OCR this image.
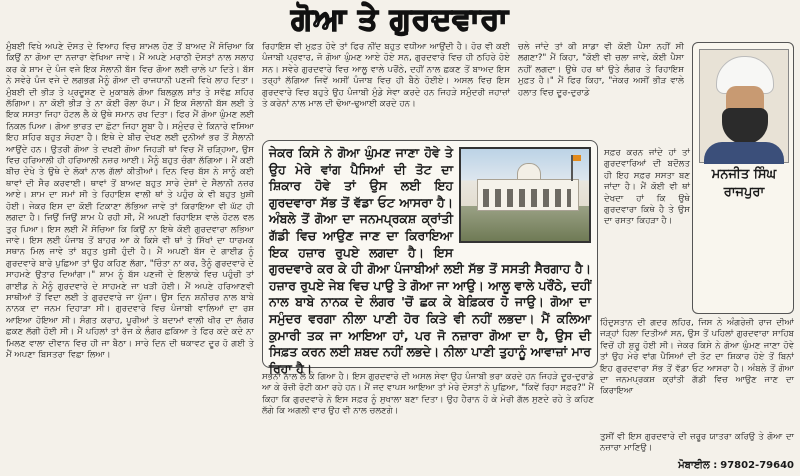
ਗੋਆ ਤੇ ਗੁਰਦਵਾਰਾ

ਮੁੰਬਈ ਵਿਖੇ ਅਪਣੇ ਦੋਸਤ ਦੇ ਵਿਆਹ ਵਿਚ ਸ਼ਾਮਲ ਹੋਣ ਤੋਂ ਬਾਅਦ ਮੈਂ ਸੋਚਿਆ ਕਿ ਕਿਉਂ ਨਾ ਗੋਆ ਦਾ ਨਜ਼ਾਰਾ ਵੇਖਿਆ ਜਾਵੇ। ਮੈਂ ਅਪਣੇ ਮਰਾਠੀ ਦੋਸਤਾਂ ਨਾਲ ਸਲਾਹ ਕਰ ਕੇ ਸ਼ਾਮ ਦੇ ਪੰਜ ਵਜੇ ਇਕ ਸੋਲਾਨੀ ਬੱਸ ਵਿਚ ਗੋਆ ਲਈ ਚਾਲੇ ਪਾ ਦਿਤੇ। ਬੱਸ ਨੇ ਸਵੇਰੇ ਪੰਜ ਵਜੇ ਦੇ ਲਗਭਗ ਮੈਨੂੰ ਗੋਆ ਦੀ ਰਾਜਧਾਨੀ ਪਣਜੀ ਵਿਖੇ ਲਾਹ ਦਿਤਾ। ਮੁੰਬਈ ਦੀ ਭੀੜ ਤੇ ਪ੍ਰਦੂਸ਼ਣ ਦੇ ਮੁਕਾਬਲੇ ਗੋਆ ਬਿਲਕੁਲ ਸ਼ਾਂਤ ਤੇ ਸਵੱਛ ਸ਼ਹਿਰ ਲੱਗਿਆ। ਨਾ ਕੋਈ ਭੀੜ ਤੇ ਨਾ ਕੋਈ ਰੌਲਾ ਰੱਪਾ। ਮੈਂ ਇਕ ਸੋਲਾਨੀ ਬੱਸ ਲਈ ਤੇ ਇਕ ਸਸਤਾ ਜਿਹਾ ਹੋਟਲ ਲੈ ਕੇ ਉਥੇ ਸਮਾਨ ਰਖ ਦਿਤਾ। ਫਿਰ ਮੈਂ ਗੋਆ ਘੁੰਮਣ ਲਈ ਨਿਕਲ ਪਿਆ। ਗੋਆ ਭਾਰਤ ਦਾ ਛੋਟਾ ਜਿਹਾ ਸੂਬਾ ਹੈ। ਸਮੁੰਦਰ ਦੇ ਕਿਨਾਰੇ ਵਸਿਆ ਇਹ ਸ਼ਹਿਰ ਬਹੁਤ ਸੋਹਣਾ ਹੈ। ਇਥੇ ਦੇ ਬੀਚ ਦੇਖਣ ਲਈ ਦੁਨੀਆਂ ਭਰ ਤੋਂ ਸੈਲਾਨੀ ਆਉਂਦੇ ਹਨ। ਉਤਰੀ ਗੋਆ ਤੇ ਦਖਣੀ ਗੋਆ ਜਿਹੜੀ ਥਾਂ ਵਿਚ ਮੈਂ ਚੜ੍ਹਿਆ, ਉਸ ਵਿਚ ਹਰਿਆਲੀ ਹੀ ਹਰਿਆਲੀ ਨਜ਼ਰ ਆਈ। ਮੈਨੂੰ ਬਹੁਤ ਚੰਗਾ ਲੱਗਿਆ। ਮੈਂ ਕਈ ਬੀਚ ਦੇਖੇ ਤੇ ਉਥੇ ਦੇ ਲੋਕਾਂ ਨਾਲ ਗੱਲਾਂ ਕੀਤੀਆਂ। ਦਿਨ ਵਿਚ ਬੱਸ ਨੇ ਸਾਨੂੰ ਕਈ ਥਾਵਾਂ ਦੀ ਸੈਰ ਕਰਵਾਈ। ਥਾਵਾਂ ਤੋਂ ਬਾਅਦ ਬਹੁਤ ਸਾਰੇ ਦੇਸ਼ਾਂ ਦੇ ਸੈਲਾਨੀ ਨਜ਼ਰ ਆਏ। ਸ਼ਾਮ ਦਾ ਸਮਾਂ ਸੀ ਤੇ ਰਿਹਾਇਸ਼ ਵਾਲੀ ਥਾਂ ਤੇ ਪਹੁੰਚ ਕੇ ਵੀ ਬਹੁਤ ਖ਼ੁਸ਼ੀ ਹੋਈ। ਜੇਕਰ ਇਸ ਦਾ ਕੋਈ ਟਿਕਾਣਾ ਲੱਭਿਆ ਜਾਵੇ ਤਾਂ ਕਿਰਾਇਆ ਵੀ ਘੱਟ ਹੀ ਲਗਦਾ ਹੈ। ਜਿਉਂ ਜਿਉਂ ਸ਼ਾਮ ਪੈ ਰਹੀ ਸੀ, ਮੈਂ ਅਪਣੀ ਰਿਹਾਇਸ਼ ਵਾਲੇ ਹੋਟਲ ਵਲ ਤੁਰ ਪਿਆ। ਇਸ ਲਈ ਮੈਂ ਸੋਚਿਆ ਕਿ ਕਿਉਂ ਨਾ ਇਥੇ ਕੋਈ ਗੁਰਦਵਾਰਾ ਲਭਿਆ ਜਾਵੇ। ਇਸ ਲਈ ਪੰਜਾਬ ਤੋਂ ਬਾਹਰ ਆ ਕੇ ਕਿਸੇ ਵੀ ਥਾਂ ਤੇ ਸਿੱਖਾਂ ਦਾ ਧਾਰਮਕ ਸਥਾਨ ਮਿਲ ਜਾਵੇ ਤਾਂ ਬਹੁਤ ਖ਼ੁਸ਼ੀ ਹੁੰਦੀ ਹੈ। ਮੈਂ ਅਪਣੀ ਬੱਸ ਦੇ ਗਾਈਡ ਨੂੰ ਗੁਰਦਵਾਰੇ ਬਾਰੇ ਪੁਛਿਆ ਤਾਂ ਉਹ ਕਹਿਣ ਲੱਗਾ, "ਚਿੰਤਾ ਨਾ ਕਰ, ਤੈਨੂੰ ਗੁਰਦਵਾਰੇ ਦੇ ਸਾਹਮਣੇ ਉਤਾਰ ਦਿਆਂਗਾ।" ਸ਼ਾਮ ਨੂੰ ਬੱਸ ਪਣਜੀ ਦੇ ਇਲਾਕੇ ਵਿਚ ਪਹੁੰਚੀ ਤਾਂ ਗਾਈਡ ਨੇ ਮੈਨੂੰ ਗੁਰਦਵਾਰੇ ਦੇ ਸਾਹਮਣੇ ਜਾ ਖੜੀ ਹੋਈ। ਮੈਂ ਅਪਣੇ ਹਰਿਆਣਵੀ ਸਾਥੀਆਂ ਤੋਂ ਵਿਦਾ ਲਈ ਤੇ ਗੁਰਦਵਾਰੇ ਜਾ ਪੁੱਜਾ। ਉਸ ਦਿਨ ਸ਼ਨੀਚਰ ਨਾਲ ਬਾਬੇ ਨਾਨਕ ਦਾ ਜਨਮ ਦਿਹਾੜਾ ਸੀ। ਗੁਰਦਵਾਰੇ ਵਿਚ ਪੰਜਾਬੀ ਵਾਲਿਆਂ ਦਾ ਰਸ਼ ਆਇਆ ਹੋਇਆ ਸੀ। ਸੰਗਤ ਕਰਾਹ, ਪੂਰੀਆਂ ਤੇ ਬਦਾਮਾਂ ਵਾਲੀ ਖੀਰ ਦਾ ਲੰਗਰ ਛਕਣ ਲੱਗੀ ਹੋਈ ਸੀ। ਮੈਂ ਪਹਿਲਾਂ ਤਾਂ ਰੱਜ ਕੇ ਲੰਗਰ ਛਕਿਆ ਤੇ ਫਿਰ ਕਦੇ ਕਦੇ ਨਾ ਮਿਲਣ ਵਾਲਾ ਦੀਵਾਨ ਵਿਚ ਹੀ ਜਾ ਬੈਠਾ। ਸਾਰੇ ਦਿਨ ਦੀ ਥਕਾਵਟ ਦੂਰ ਹੋ ਗਈ ਤੇ ਮੈਂ ਅਪਣਾ ਬਿਸਤਰਾ ਵਿਛਾ ਲਿਆ।

ਰਿਹਾਇਸ਼ ਵੀ ਮੁਫ਼ਤ ਹੋਵੇ ਤਾਂ ਫਿਰ ਨੀਂਦ ਬਹੁਤ ਵਧੀਆ ਆਉਂਦੀ ਹੈ। ਹੋਰ ਵੀ ਕਈ ਪੰਜਾਬੀ ਪ੍ਰਵਾਰ, ਜੋ ਗੋਆ ਘੁੰਮਣ ਆਏ ਹੋਏ ਸਨ, ਗੁਰਦਵਾਰੇ ਵਿਚ ਹੀ ਠਹਿਰੇ ਹੋਏ ਸਨ। ਸਵੇਰੇ ਗੁਰਦਵਾਰੇ ਵਿਚ ਆਲੂ ਵਾਲੇ ਪਰੌਂਠੇ, ਦਹੀਂ ਨਾਲ ਛਕਣ ਤੋਂ ਬਾਅਦ ਇਸ ਤਰ੍ਹਾਂ ਲੱਗਿਆ ਜਿਵੇਂ ਅਸੀਂ ਪੰਜਾਬ ਵਿਚ ਹੀ ਬੈਠੇ ਹੋਈਏ। ਅਸਲ ਵਿਚ ਇਸ ਗੁਰਦਵਾਰੇ ਵਿਚ ਬਹੁਤੇ ਉਹ ਪੰਜਾਬੀ ਮੁੰਡੇ ਸੇਵਾ ਕਰਦੇ ਹਨ ਜਿਹੜੇ ਸਮੁੰਦਰੀ ਜਹਾਜ਼ਾਂ ਤੇ ਕਰੇਨਾਂ ਨਾਲ ਮਾਲ ਦੀ ਢੋਆ-ਢੁਆਈ ਕਰਦੇ ਹਨ।

ਚਲੇ ਜਾਂਦੇ ਤਾਂ ਕੀ ਸਾਡਾ ਵੀ ਕੋਈ ਪੈਸਾ ਨਹੀਂ ਸੀ ਲਗਣਾ?" ਮੈਂ ਕਿਹਾ, "ਕੋਈ ਵੀ ਚਲਾ ਜਾਵੇ, ਕੋਈ ਪੈਸਾ ਨਹੀਂ ਲਗਦਾ। ਉਥੇ ਹਰ ਥਾਂ ਉਤੇ ਲੰਗਰ ਤੇ ਰਿਹਾਇਸ਼ ਮੁਫ਼ਤ ਹੈ।" ਮੈਂ ਫਿਰ ਕਿਹਾ, "ਜੇਕਰ ਅਸੀਂ ਭੀੜ ਵਾਲੇ ਹਲਾਤ ਵਿਚ ਦੂਰ-ਦੁਰਾਡੇ

ਜੇਕਰ ਕਿਸੇ ਨੇ ਗੋਆ ਘੁੰਮਣ ਜਾਣਾ ਹੋਵੇ ਤੇ ਉਹ ਮੇਰੇ ਵਾਂਗ ਪੈਸਿਆਂ ਦੀ ਤੋਟ ਦਾ ਸ਼ਿਕਾਰ ਹੋਵੇ ਤਾਂ ਉਸ ਲਈ ਇਹ ਗੁਰਦਵਾਰਾ ਸੱਭ ਤੋਂ ਵੱਡਾ ਓਟ ਆਸਰਾ ਹੈ। ਅੰਬਲੇ ਤੋਂ ਗੋਆ ਦਾ ਜਨਮਪ੍ਰਕਸ਼ ਕ੍ਰਾਂਤੀ ਗੱਡੀ ਵਿਚ ਆਉਣ ਜਾਣ ਦਾ ਕਿਰਾਇਆ ਇਕ ਹਜ਼ਾਰ ਰੁਪਏ ਲਗਦਾ ਹੈ। ਇਸ ਗੁਰਦਵਾਰੇ ਕਰ ਕੇ ਹੀ ਗੋਆ ਪੰਜਾਬੀਆਂ ਲਈ ਸੱਭ ਤੋਂ ਸਸਤੀ ਸੈਰਗਾਹ ਹੈ। ਹਜ਼ਾਰ ਰੁਪਏ ਜੇਬ ਵਿਚ ਪਾਉ ਤੇ ਗੋਆ ਜਾ ਆਉ। ਆਲੂ ਵਾਲੇ ਪਰੌਂਠੇ, ਦਹੀਂ ਨਾਲ ਬਾਬੇ ਨਾਨਕ ਦੇ ਲੰਗਰ 'ਚੋਂ ਛਕ ਕੇ ਬੇਫ਼ਿਕਰ ਹੋ ਜਾਉ। ਗੋਆ ਦਾ ਸਮੁੰਦਰ ਵਰਗਾ ਨੀਲਾ ਪਾਣੀ ਹੋਰ ਕਿਤੇ ਵੀ ਨਹੀਂ ਲਭਦਾ। ਮੈਂ ਕਲਿਆ ਕੁਮਾਰੀ ਤਕ ਜਾ ਆਇਆ ਹਾਂ, ਪਰ ਜੋ ਨਜ਼ਾਰਾ ਗੋਆ ਦਾ ਹੈ, ਉਸ ਦੀ ਸਿਫ਼ਤ ਕਰਨ ਲਈ ਸ਼ਬਦ ਨਹੀਂ ਲਭਦੇ। ਨੀਲਾ ਪਾਣੀ ਤੁਹਾਨੂੰ ਆਵਾਜ਼ਾਂ ਮਾਰ ਰਿਹਾ ਹੈ।
ਮਨਜੀਤ ਸਿੰਘ
ਰਾਜਪੁਰਾ

ਸਫ਼ਰ ਕਰਨ ਜਾਂਦੇ ਹਾਂ ਤਾਂ ਗੁਰਦਵਾਰਿਆਂ ਦੀ ਬਦੌਲਤ ਹੀ ਇਹ ਸਫ਼ਰ ਸਸਤਾ ਬਣ ਜਾਂਦਾ ਹੈ। ਮੈਂ ਕੋਈ ਵੀ ਥਾਂ ਦੇਖਦਾ ਹਾਂ ਕਿ ਉਥੇ ਗੁਰਦਵਾਰਾ ਕਿਥੇ ਹੈ ਤੇ ਉਸ ਦਾ ਰਸਤਾ ਕਿਹੜਾ ਹੈ।

ਸਭਨਾਂ ਨਾਲ ਲੈ ਕੇ ਗਿਆ ਹੈ। ਇਸ ਗੁਰਦਵਾਰੇ ਦੀ ਅਸਲ ਸੇਵਾ ਉਹ ਪੰਜਾਬੀ ਭਰਾ ਕਰਦੇ ਹਨ ਜਿਹੜੇ ਦੂਰ-ਦੁਰਾਡੇ ਆ ਕੇ ਰੋਜ਼ੀ ਰੋਟੀ ਕਮਾ ਰਹੇ ਹਨ। ਮੈਂ ਜਦ ਵਾਪਸ ਆਇਆ ਤਾਂ ਮੇਰੇ ਦੋਸਤਾਂ ਨੇ ਪੁਛਿਆ, "ਕਿਵੇਂ ਰਿਹਾ ਸਫ਼ਰ?" ਮੈਂ ਕਿਹਾ ਕਿ ਗੁਰਦਵਾਰੇ ਨੇ ਇਸ ਸਫ਼ਰ ਨੂੰ ਸੁਖਾਲਾ ਬਣਾ ਦਿਤਾ। ਉਹ ਹੈਰਾਨ ਹੋ ਕੇ ਮੇਰੀ ਗੱਲ ਸੁਣਦੇ ਰਹੇ ਤੇ ਕਹਿਣ ਲੱਗੇ ਕਿ ਅਗਲੀ ਵਾਰ ਉਹ ਵੀ ਨਾਲ ਚਲਣਗੇ।

ਹਿੰਦੁਸਤਾਨ ਦੀ ਗਦਰ ਲਹਿਰ, ਜਿਸ ਨੇ ਅੰਗਰੇਜ਼ੀ ਰਾਜ ਦੀਆਂ ਜੜ੍ਹਾਂ ਹਿਲਾ ਦਿਤੀਆਂ ਸਨ, ਉਸ ਤੋਂ ਪਹਿਲਾਂ ਗੁਰਦਵਾਰਾ ਸਾਹਿਬ ਵਿਚੋਂ ਹੀ ਸ਼ੁਰੂ ਹੋਈ ਸੀ। ਜੇਕਰ ਕਿਸੇ ਨੇ ਗੋਆ ਘੁੰਮਣ ਜਾਣਾ ਹੋਵੇ ਤਾਂ ਉਹ ਮੇਰੇ ਵਾਂਗ ਪੈਸਿਆਂ ਦੀ ਤੋਟ ਦਾ ਸ਼ਿਕਾਰ ਹੋਏ ਤੋਂ ਬਿਨਾਂ ਇਹ ਗੁਰਦਵਾਰਾ ਸੱਭ ਤੋਂ ਵੱਡਾ ਓਟ ਆਸਰਾ ਹੈ। ਅੰਬਲੇ ਤੋਂ ਗੋਆ ਦਾ ਜਨਮਪ੍ਰਕਸ਼ ਕ੍ਰਾਂਤੀ ਗੱਡੀ ਵਿਚ ਆਉਣ ਜਾਣ ਦਾ ਕਿਰਾਇਆ

ਤੁਸੀਂ ਵੀ ਇਸ ਗੁਰਦਵਾਰੇ ਦੀ ਜ਼ਰੂਰ ਯਾਤਰਾ ਕਰਿਉ ਤੇ ਗੋਆ ਦਾ ਨਜ਼ਾਰਾ ਮਾਣਿਉ।

ਮੋਬਾਈਲ : 97802-79640
